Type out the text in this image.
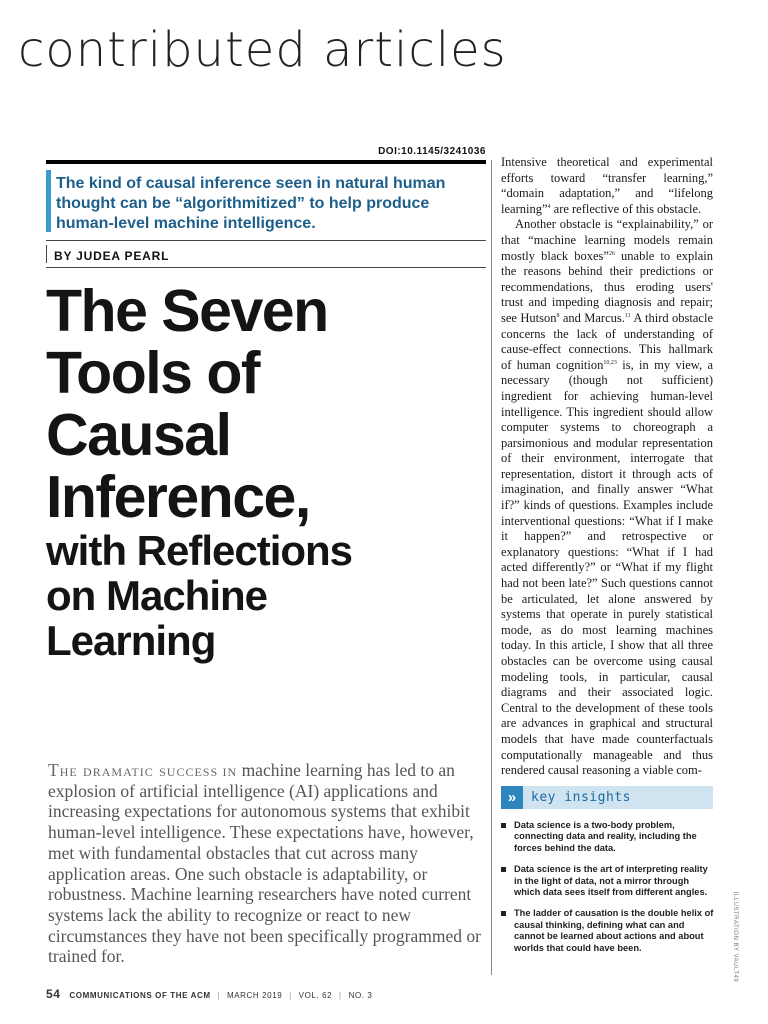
contributed articles
DOI:10.1145/3241036
The kind of causal inference seen in natural human thought can be “algorithmitized” to help produce human-level machine intelligence.
BY JUDEA PEARL
The Seven
Tools of
Causal
Inference,
with Reflections
on Machine
Learning
The dramatic success in machine learning has led to an explosion of artificial intelligence (AI) applications and increasing expectations for autonomous systems that exhibit human-level intelligence. These expectations have, however, met with fundamental obstacles that cut across many application areas. One such obstacle is adaptability, or robustness. Machine learning researchers have noted current systems lack the ability to recognize or react to new circumstances they have not been specifically programmed or trained for.

Intensive theoretical and experimental efforts toward “transfer learning,” “domain adaptation,” and “lifelong learning”$^4$ are reflective of this obstacle.

Another obstacle is “explainability,” or that “machine learning models remain mostly black boxes”$^{26}$ unable to explain the reasons behind their predictions or recommendations, thus eroding users' trust and impeding diagnosis and repair; see Hutson$^8$ and Marcus.$^{11}$ A third obstacle concerns the lack of understanding of cause-effect connections. This hallmark of human cognition$^{10,23}$ is, in my view, a necessary (though not sufficient) ingredient for achieving human-level intelligence. This ingredient should allow computer systems to choreograph a parsimonious and modular representation of their environment, interrogate that representation, distort it through acts of imagination, and finally answer “What if?” kinds of questions. Examples include interventional questions: “What if I make it happen?” and retrospective or explanatory questions: “What if I had acted differently?” or “What if my flight had not been late?” Such questions cannot be articulated, let alone answered by systems that operate in purely statistical mode, as do most learning machines today. In this article, I show that all three obstacles can be overcome using causal modeling tools, in particular, causal diagrams and their associated logic. Central to the development of these tools are advances in graphical and structural models that have made counterfactuals computationally manageable and thus rendered causal reasoning a viable com-

»	key insights
Data science is a two-body problem, connecting data and reality, including the forces behind the data.
Data science is the art of interpreting reality in the light of data, not a mirror through which data sees itself from different angles.
The ladder of causation is the double helix of causal thinking, defining what can and cannot be learned about actions and about worlds that could have been.	ILLUSTRATION BY VAULT49
54 COMMUNICATIONS OF THE ACM | MARCH 2019 | VOL. 62 | NO. 3
